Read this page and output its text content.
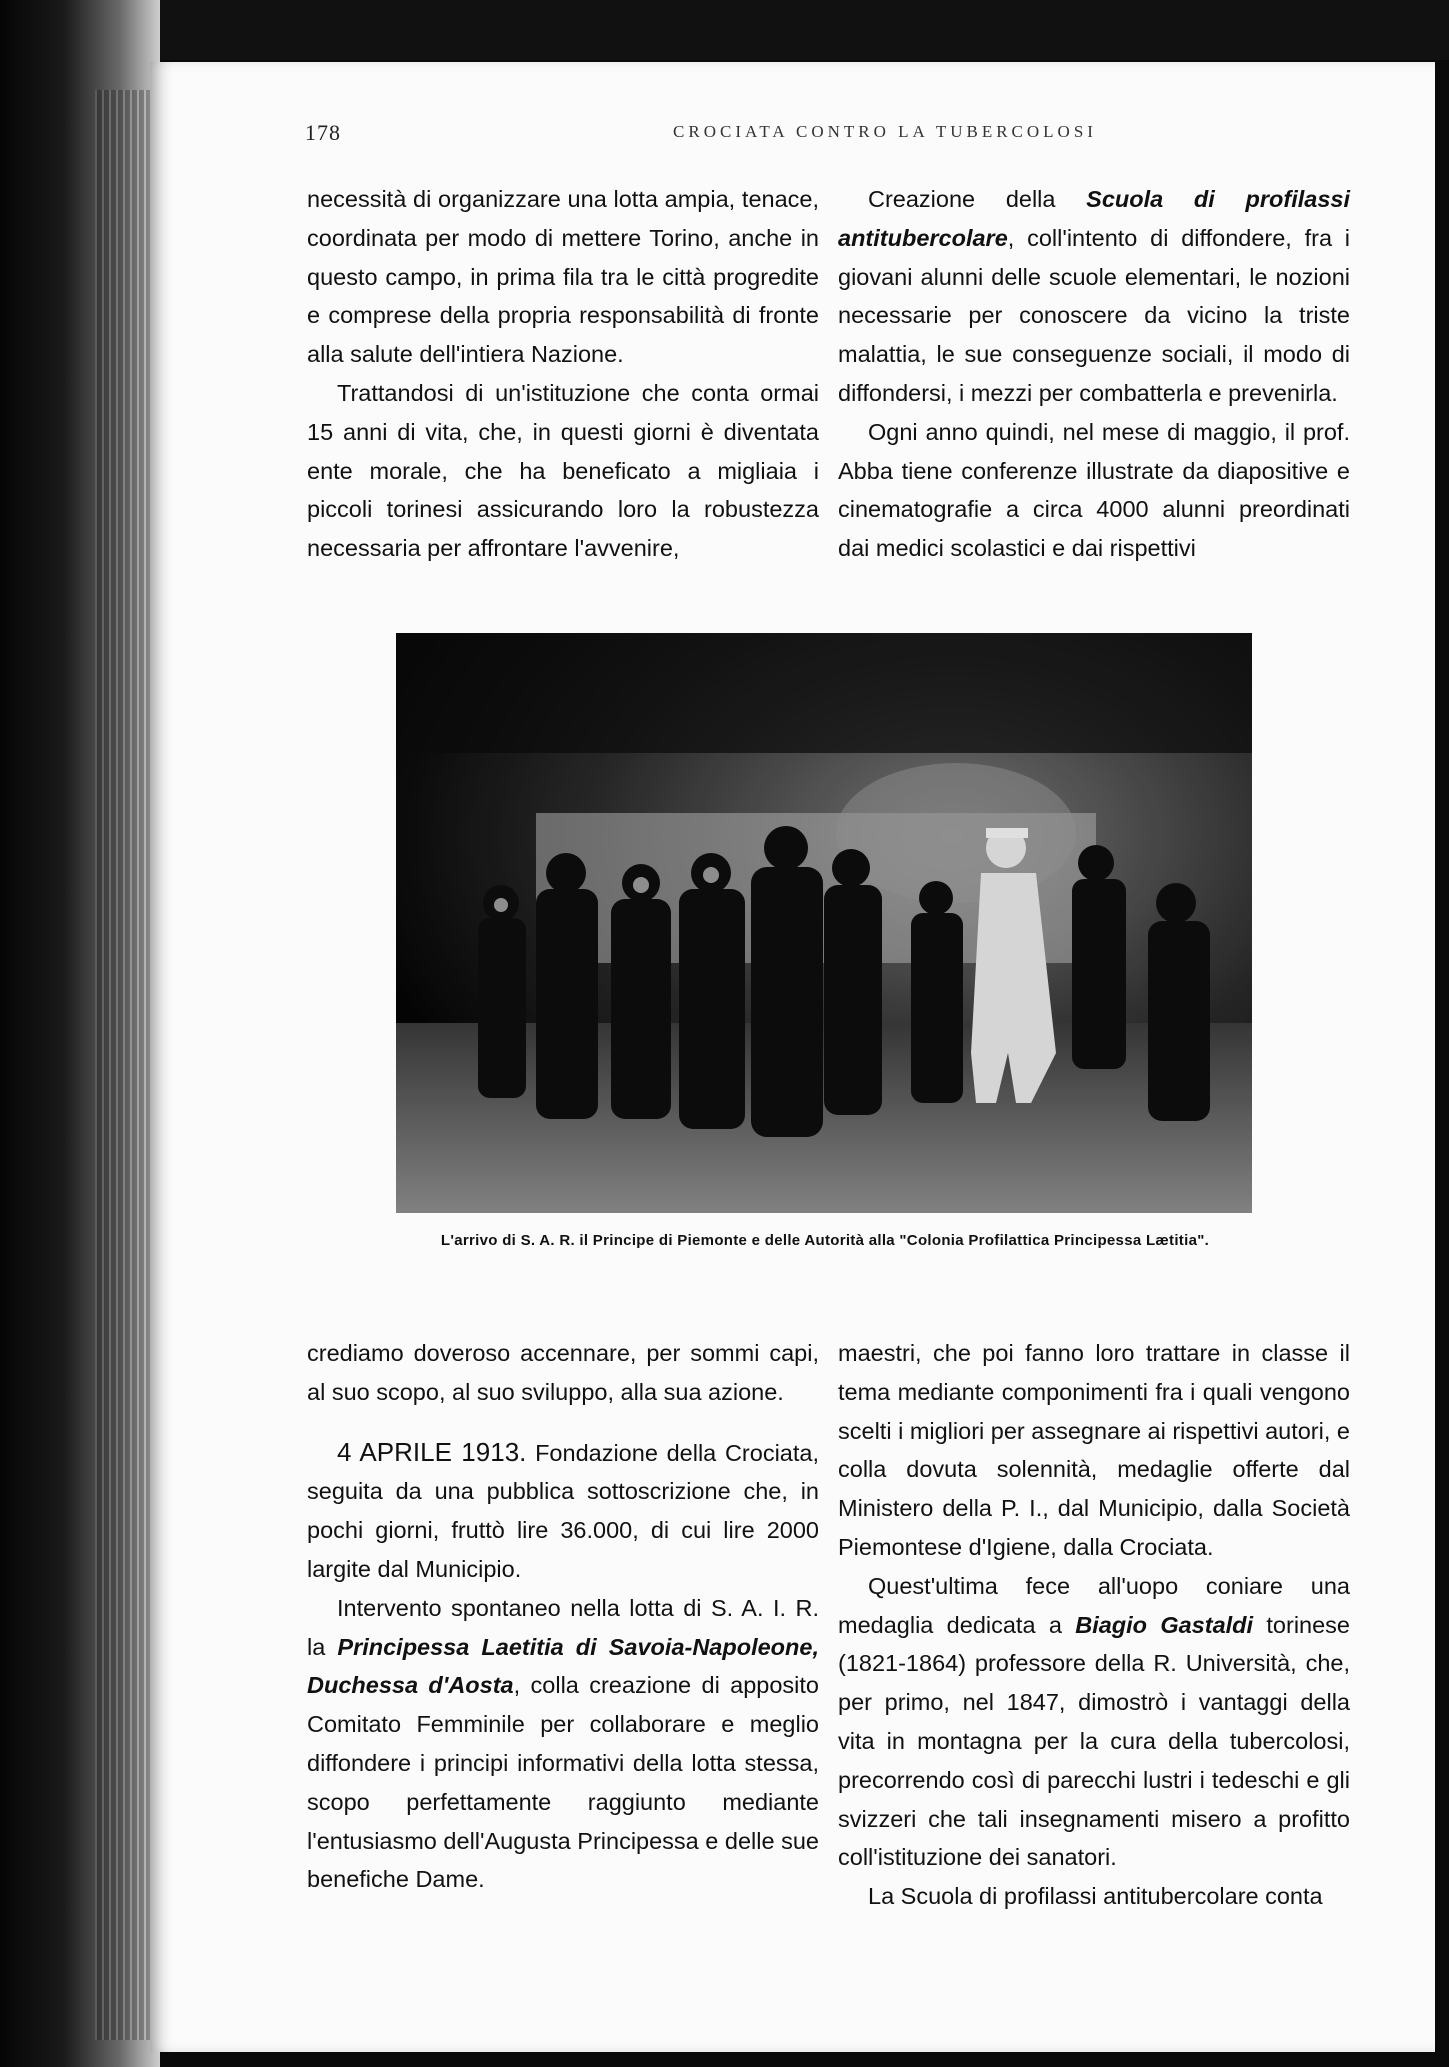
178	CROCIATA CONTRO LA TUBERCOLOSI

necessità di organizzare una lotta ampia, tenace, coordinata per modo di mettere Torino, anche in questo campo, in prima fila tra le città progredite e comprese della propria responsabilità di fronte alla salute dell'intiera Nazione.

Trattandosi di un'istituzione che conta ormai 15 anni di vita, che, in questi giorni è diventata ente morale, che ha beneficato a migliaia i piccoli torinesi assicurando loro la robustezza necessaria per affrontare l'avvenire,

Creazione della Scuola di profilassi antitubercolare, coll'intento di diffondere, fra i giovani alunni delle scuole elementari, le nozioni necessarie per conoscere da vicino la triste malattia, le sue conseguenze sociali, il modo di diffondersi, i mezzi per combatterla e prevenirla.

Ogni anno quindi, nel mese di maggio, il prof. Abba tiene conferenze illustrate da diapositive e cinematografie a circa 4000 alunni preordinati dai medici scolastici e dai rispettivi

L'arrivo di S. A. R. il Principe di Piemonte e delle Autorità alla "Colonia Profilattica Principessa Lætitia".

crediamo doveroso accennare, per sommi capi, al suo scopo, al suo sviluppo, alla sua azione.

4 APRILE 1913. Fondazione della Crociata, seguita da una pubblica sottoscrizione che, in pochi giorni, fruttò lire 36.000, di cui lire 2000 largite dal Municipio.

Intervento spontaneo nella lotta di S. A. I. R. la Principessa Laetitia di Savoia-Napoleone, Duchessa d'Aosta, colla creazione di apposito Comitato Femminile per collaborare e meglio diffondere i principi informativi della lotta stessa, scopo perfettamente raggiunto mediante l'entusiasmo dell'Augusta Principessa e delle sue benefiche Dame.

maestri, che poi fanno loro trattare in classe il tema mediante componimenti fra i quali vengono scelti i migliori per assegnare ai rispettivi autori, e colla dovuta solennità, medaglie offerte dal Ministero della P. I., dal Municipio, dalla Società Piemontese d'Igiene, dalla Crociata.

Quest'ultima fece all'uopo coniare una medaglia dedicata a Biagio Gastaldi torinese (1821-1864) professore della R. Università, che, per primo, nel 1847, dimostrò i vantaggi della vita in montagna per la cura della tubercolosi, precorrendo così di parecchi lustri i tedeschi e gli svizzeri che tali insegnamenti misero a profitto coll'istituzione dei sanatori.

La Scuola di profilassi antitubercolare conta
